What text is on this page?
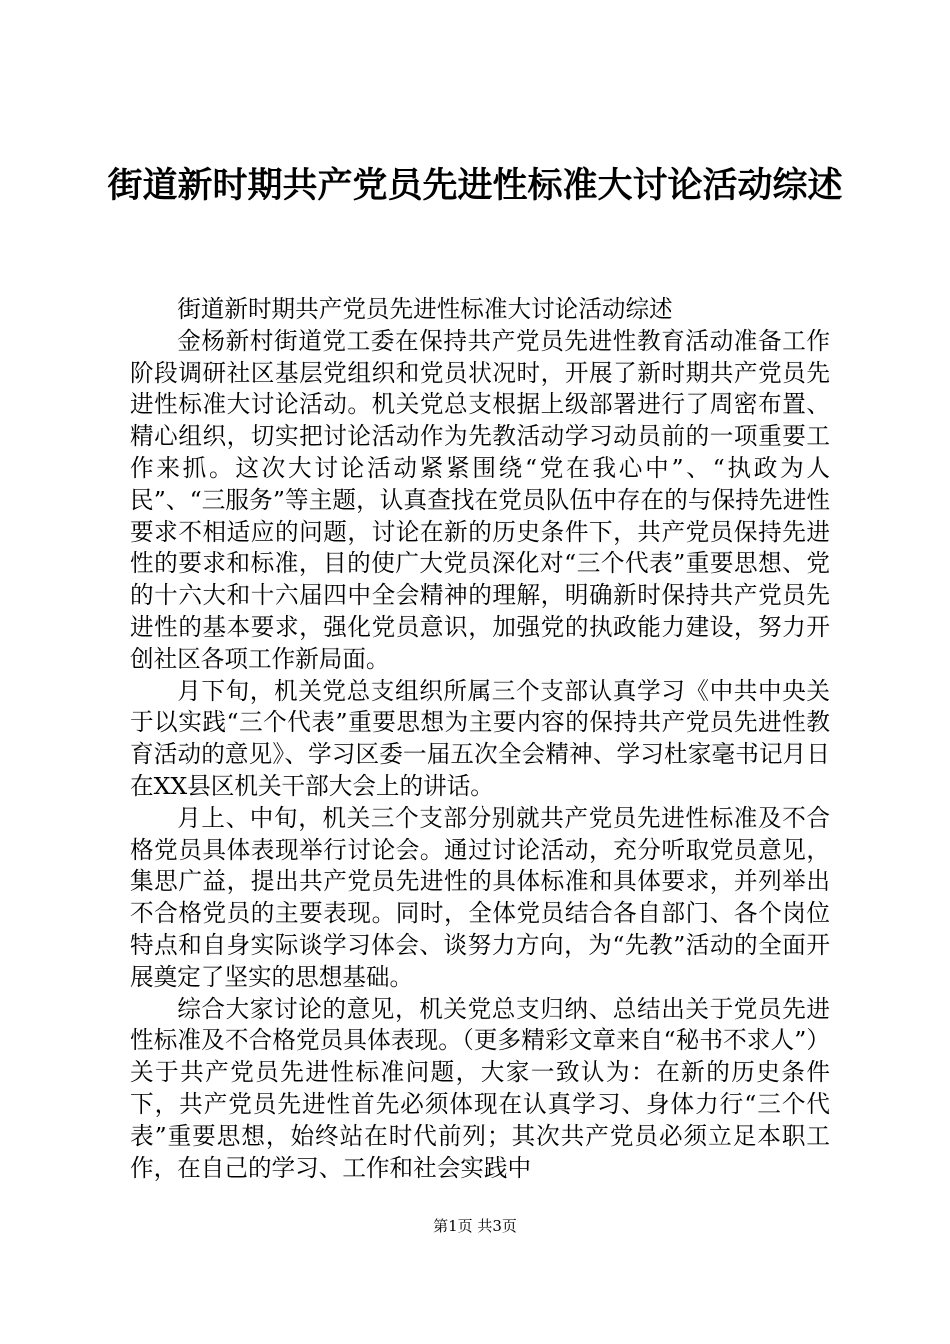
街道新时期共产党员先进性标准大讨论活动综述

街道新时期共产党员先进性标准大讨论活动综述

金杨新村街道党工委在保持共产党员先进性教育活动准备工作阶段调研社区基层党组织和党员状况时，开展了新时期共产党员先进性标准大讨论活动。机关党总支根据上级部署进行了周密布置、精心组织，切实把讨论活动作为先教活动学习动员前的一项重要工作来抓。这次大讨论活动紧紧围绕“党在我心中”、“执政为人民”、“三服务”等主题，认真查找在党员队伍中存在的与保持先进性要求不相适应的问题，讨论在新的历史条件下，共产党员保持先进性的要求和标准，目的使广大党员深化对“三个代表”重要思想、党的十六大和十六届四中全会精神的理解，明确新时保持共产党员先进性的基本要求，强化党员意识，加强党的执政能力建设，努力开创社区各项工作新局面。

月下旬，机关党总支组织所属三个支部认真学习《中共中央关于以实践“三个代表”重要思想为主要内容的保持共产党员先进性教育活动的意见》、学习区委一届五次全会精神、学习杜家毫书记月日在XX县区机关干部大会上的讲话。

月上、中旬，机关三个支部分别就共产党员先进性标准及不合格党员具体表现举行讨论会。通过讨论活动，充分听取党员意见，集思广益，提出共产党员先进性的具体标准和具体要求，并列举出不合格党员的主要表现。同时，全体党员结合各自部门、各个岗位特点和自身实际谈学习体会、谈努力方向，为“先教”活动的全面开展奠定了坚实的思想基础。

综合大家讨论的意见，机关党总支归纳、总结出关于党员先进性标准及不合格党员具体表现。（更多精彩文章来自“秘书不求人”）关于共产党员先进性标准问题，大家一致认为：在新的历史条件下，共产党员先进性首先必须体现在认真学习、身体力行“三个代表”重要思想，始终站在时代前列；其次共产党员必须立足本职工作，在自己的学习、工作和社会实践中

第1页 共3页
